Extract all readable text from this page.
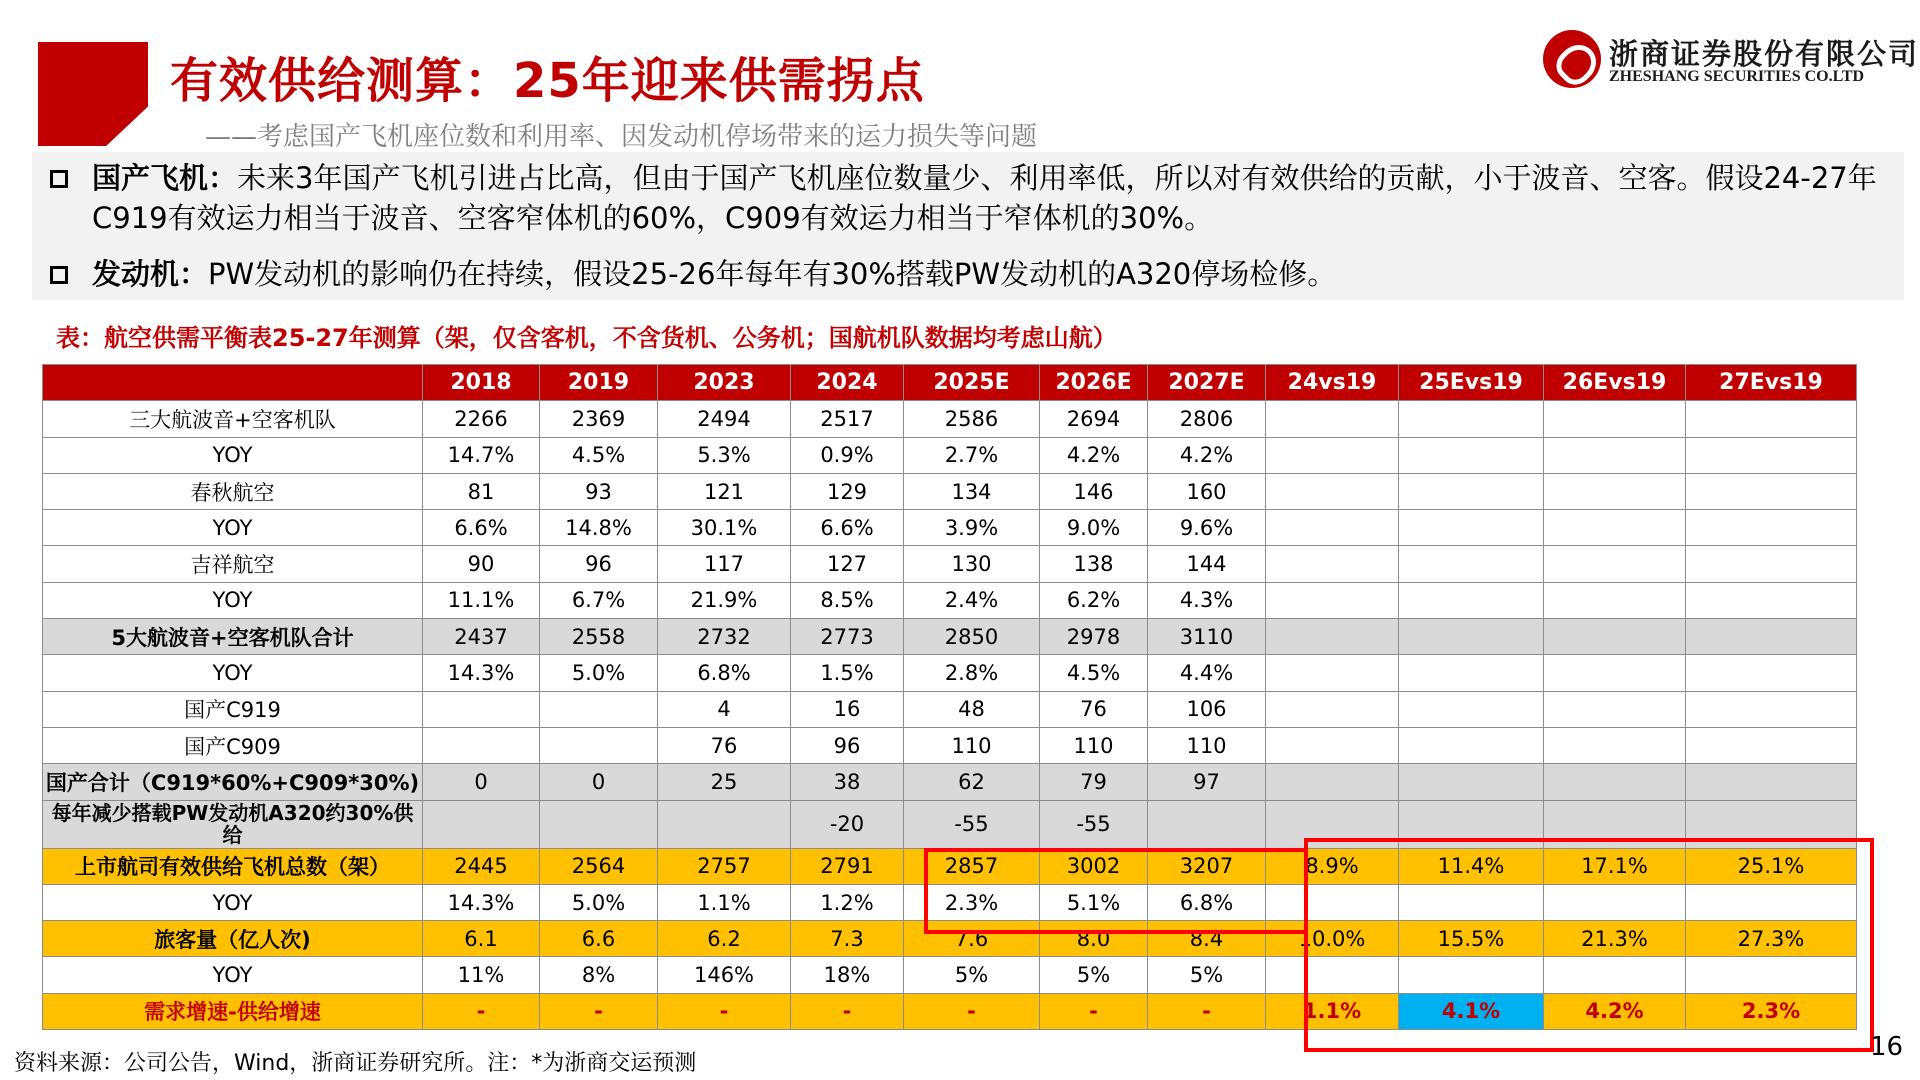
有效供给测算：25年迎来供需拐点
——考虑国产飞机座位数和利用率、因发动机停场带来的运力损失等问题
浙商证券股份有限公司
ZHESHANG SECURITIES CO.LTD
国产飞机：未来3年国产飞机引进占比高，但由于国产飞机座位数量少、利用率低，所以对有效供给的贡献，小于波音、空客。假设24-27年C919有效运力相当于波音、空客窄体机的60%，C909有效运力相当于窄体机的30%。
发动机：PW发动机的影响仍在持续，假设25-26年每年有30%搭载PW发动机的A320停场检修。
表：航空供需平衡表25-27年测算（架，仅含客机，不含货机、公务机；国航机队数据均考虑山航）
	2018	2019	2023	2024	2025E	2026E	2027E	24vs19	25Evs19	26Evs19	27Evs19
三大航波音+空客机队	2266	2369	2494	2517	2586	2694	2806				
YOY	14.7%	4.5%	5.3%	0.9%	2.7%	4.2%	4.2%				
春秋航空	81	93	121	129	134	146	160				
YOY	6.6%	14.8%	30.1%	6.6%	3.9%	9.0%	9.6%				
吉祥航空	90	96	117	127	130	138	144				
YOY	11.1%	6.7%	21.9%	8.5%	2.4%	6.2%	4.3%				
5大航波音+空客机队合计	2437	2558	2732	2773	2850	2978	3110				
YOY	14.3%	5.0%	6.8%	1.5%	2.8%	4.5%	4.4%				
国产C919			4	16	48	76	106				
国产C909			76	96	110	110	110				
国产合计（C919*60%+C909*30%)	0	0	25	38	62	79	97				
每年减少搭载PW发动机A320约30%供给				-20	-55	-55					
上市航司有效供给飞机总数（架）	2445	2564	2757	2791	2857	3002	3207	8.9%	11.4%	17.1%	25.1%
YOY	14.3%	5.0%	1.1%	1.2%	2.3%	5.1%	6.8%				
旅客量（亿人次)	6.1	6.6	6.2	7.3	7.6	8.0	8.4	10.0%	15.5%	21.3%	27.3%
YOY	11%	8%	146%	18%	5%	5%	5%				
需求增速-供给增速	-	-	-	-	-	-	-	1.1%	4.1%	4.2%	2.3%
资料来源：公司公告，Wind，浙商证券研究所。注：*为浙商交运预测
16
